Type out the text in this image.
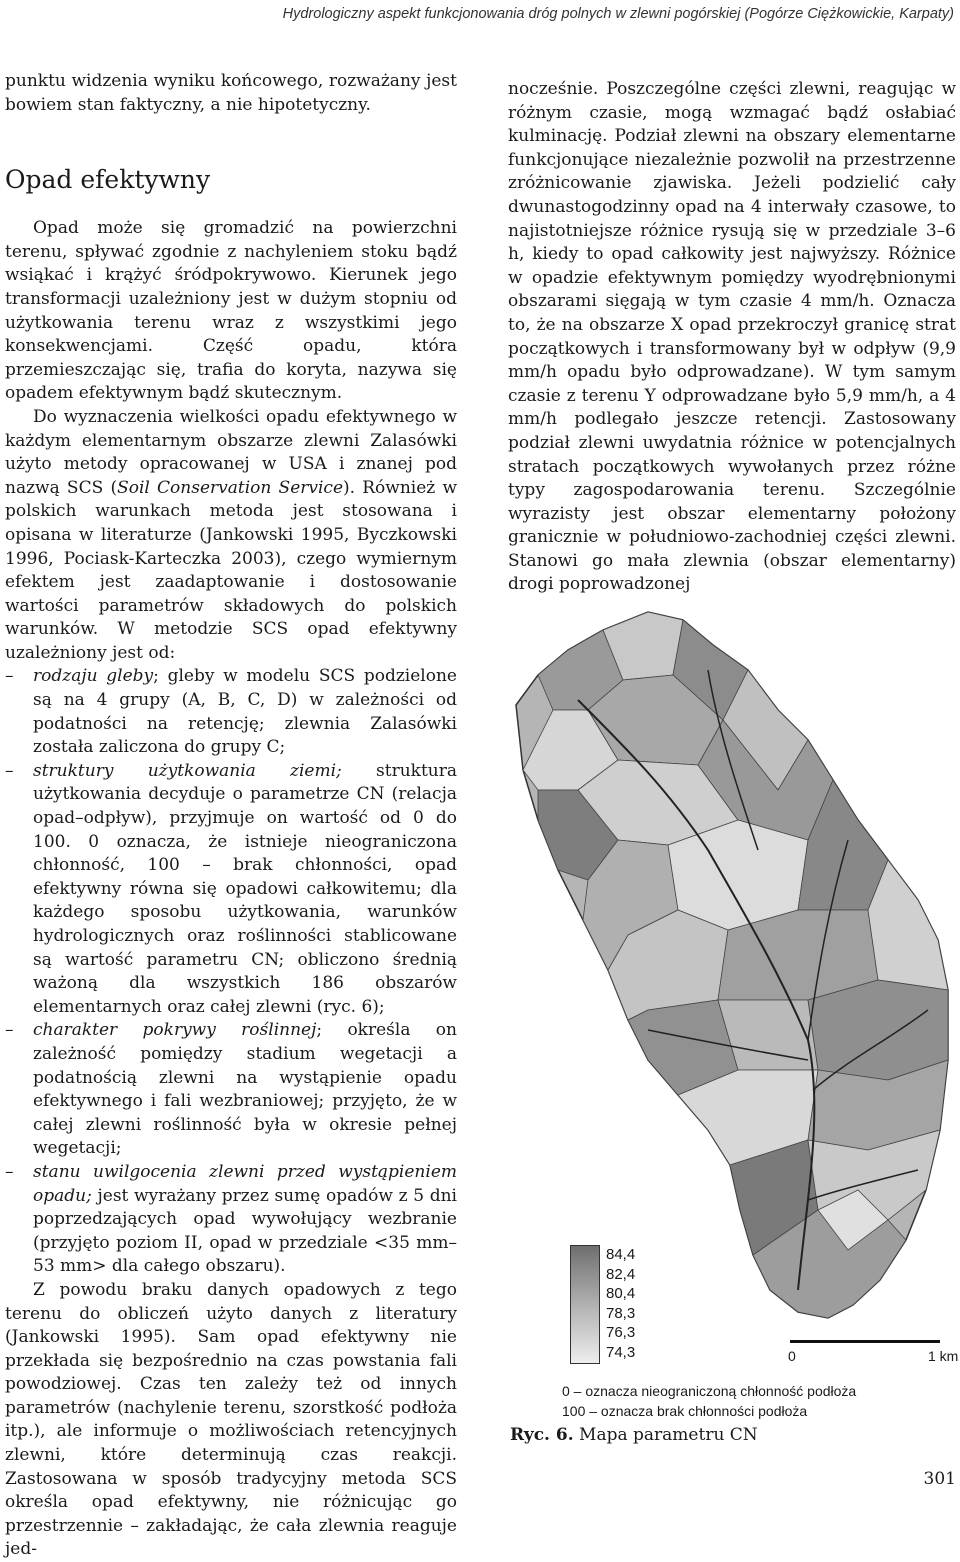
Hydrologiczny aspekt funkcjonowania dróg polnych w zlewni pogórskiej (Pogórze Ciężkowickie, Karpaty)

punktu widzenia wyniku końcowego, rozważany jest bowiem stan faktyczny, a nie hipotetyczny.

Opad efektywny

Opad może się gromadzić na powierzchni terenu, spływać zgodnie z nachyleniem stoku bądź wsiąkać i krążyć śródpokrywowo. Kierunek jego transformacji uzależniony jest w dużym stopniu od użytkowania terenu wraz z wszystkimi jego konsekwencjami. Część opadu, która przemieszczając się, trafia do koryta, nazywa się opadem efektywnym bądź skutecznym.

Do wyznaczenia wielkości opadu efektywnego w każdym elementarnym obszarze zlewni Zalasówki użyto metody opracowanej w USA i znanej pod nazwą SCS (Soil Conservation Service). Również w polskich warunkach metoda jest stosowana i opisana w literaturze (Jankowski 1995, Byczkowski 1996, Pociask-Karteczka 2003), czego wymiernym efektem jest zaadaptowanie i dostosowanie wartości parametrów składowych do polskich warunków. W metodzie SCS opad efektywny uzależniony jest od:

– rodzaju gleby; gleby w modelu SCS podzielone są na 4 grupy (A, B, C, D) w zależności od podatności na retencję; zlewnia Zalasówki została zaliczona do grupy C;

– struktury użytkowania ziemi; struktura użytkowania decyduje o parametrze CN (relacja opad–odpływ), przyjmuje on wartość od 0 do 100. 0 oznacza, że istnieje nieograniczona chłonność, 100 – brak chłonności, opad efektywny równa się opadowi całkowitemu; dla każdego sposobu użytkowania, warunków hydrologicznych oraz roślinności stablicowane są wartość parametru CN; obliczono średnią ważoną dla wszystkich 186 obszarów elementarnych oraz całej zlewni (ryc. 6);

– charakter pokrywy roślinnej; określa on zależność pomiędzy stadium wegetacji a podatnością zlewni na wystąpienie opadu efektywnego i fali wezbraniowej; przyjęto, że w całej zlewni roślinność była w okresie pełnej wegetacji;

– stanu uwilgocenia zlewni przed wystąpieniem opadu; jest wyrażany przez sumę opadów z 5 dni poprzedzających opad wywołujący wezbranie (przyjęto poziom II, opad w przedziale <35 mm–53 mm> dla całego obszaru).

Z powodu braku danych opadowych z tego terenu do obliczeń użyto danych z literatury (Jankowski 1995). Sam opad efektywny nie przekłada się bezpośrednio na czas powstania fali powodziowej. Czas ten zależy też od innych parametrów (nachylenie terenu, szorstkość podłoża itp.), ale informuje o możliwościach retencyjnych zlewni, które determinują czas reakcji. Zastosowana w sposób tradycyjny metoda SCS określa opad efektywny, nie różnicując go przestrzennie – zakładając, że cała zlewnia reaguje jed-

nocześnie. Poszczególne części zlewni, reagując w różnym czasie, mogą wzmagać bądź osłabiać kulminację. Podział zlewni na obszary elementarne funkcjonujące niezależnie pozwolił na przestrzenne zróżnicowanie zjawiska. Jeżeli podzielić cały dwunastogodzinny opad na 4 interwały czasowe, to najistotniejsze różnice rysują się w przedziale 3–6 h, kiedy to opad całkowity jest najwyższy. Różnice w opadzie efektywnym pomiędzy wyodrębnionymi obszarami sięgają w tym czasie 4 mm/h. Oznacza to, że na obszarze X opad przekroczył granicę strat początkowych i transformowany był w odpływ (9,9 mm/h opadu było odprowadzane). W tym samym czasie z terenu Y odprowadzane było 5,9 mm/h, a 4 mm/h podlegało jeszcze retencji. Zastosowany podział zlewni uwydatnia różnice w potencjalnych stratach początkowych wywołanych przez różne typy zagospodarowania terenu. Szczególnie wyrazisty jest obszar elementarny położony granicznie w południowo-zachodniej części zlewni. Stanowi go mała zlewnia (obszar elementarny) drogi poprowadzonej

84,4
82,4
80,4
78,3
76,3
74,3	0	1 km
0 – oznacza nieograniczoną chłonność podłoża
100 – oznacza brak chłonności podłoża
Ryc. 6. Mapa parametru CN
301
